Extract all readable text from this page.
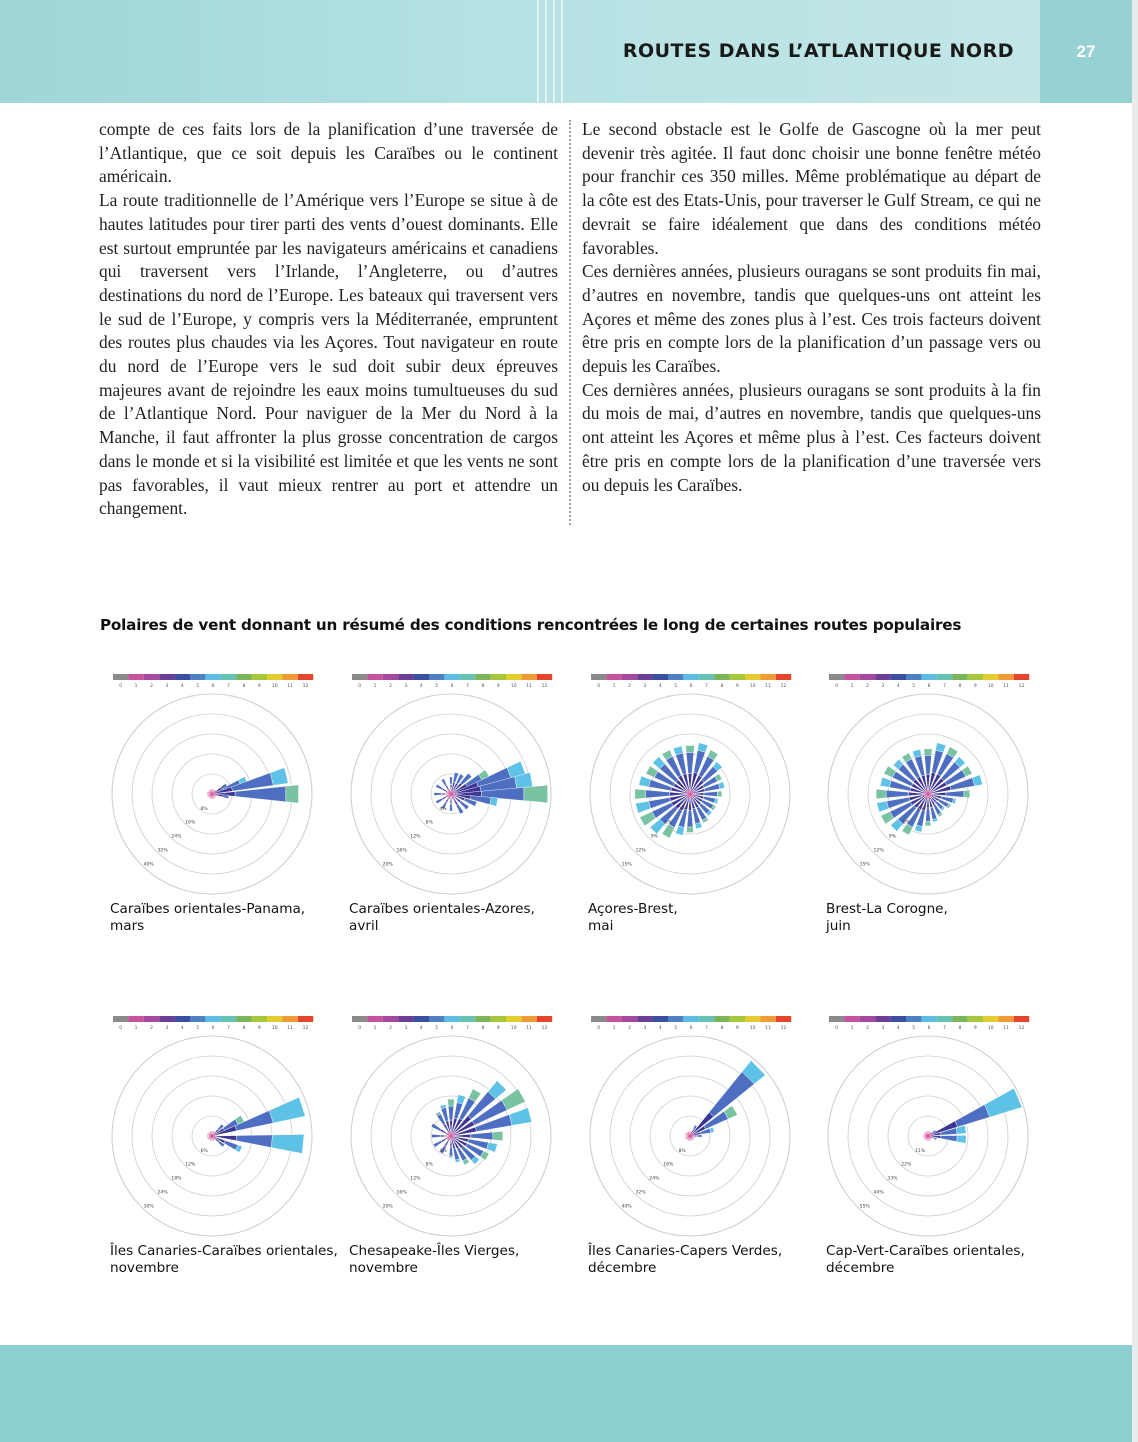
ROUTES DANS L’ATLANTIQUE NORD	27

compte de ces faits lors de la planification d’une traversée de l’Atlantique, que ce soit depuis les Caraïbes ou le continent américain.

La route traditionnelle de l’Amérique vers l’Europe se situe à de hautes latitudes pour tirer parti des vents d’ouest dominants. Elle est surtout empruntée par les navigateurs américains et canadiens qui traversent vers l’Irlande, l’Angleterre, ou d’autres destinations du nord de l’Europe. Les bateaux qui traversent vers le sud de l’Europe, y compris vers la Méditerranée, empruntent des routes plus chaudes via les Açores. Tout navigateur en route du nord de l’Europe vers le sud doit subir deux épreuves majeures avant de rejoindre les eaux moins tumultueuses du sud de l’Atlantique Nord. Pour naviguer de la Mer du Nord à la Manche, il faut affronter la plus grosse concentration de cargos dans le monde et si la visibilité est limitée et que les vents ne sont pas favorables, il vaut mieux rentrer au port et attendre un changement.

Le second obstacle est le Golfe de Gascogne où la mer peut devenir très agitée. Il faut donc choisir une bonne fenêtre météo pour franchir ces 350 milles. Même problématique au départ de la côte est des Etats-Unis, pour traverser le Gulf Stream, ce qui ne devrait se faire idéalement que dans des conditions météo favorables.

Ces dernières années, plusieurs ouragans se sont produits fin mai, d’autres en novembre, tandis que quelques-uns ont atteint les Açores et même des zones plus à l’est. Ces trois facteurs doivent être pris en compte lors de la planification d’un passage vers ou depuis les Caraïbes.

Ces dernières années, plusieurs ouragans se sont produits à la fin du mois de mai, d’autres en novembre, tandis que quelques-uns ont atteint les Açores et même plus à l’est. Ces facteurs doivent être pris en compte lors de la planification d’une traversée vers ou depuis les Caraïbes.

Polaires de vent donnant un résumé des conditions rencontrées le long de certaines routes populaires
0	1	2	3	4	5	6	7	8	9 10 11 12
8%
16%
24%
32%
40%
Caraïbes orientales-Panama,
mars
0	1	2	3	4	5	6	7	8	9 10 11 12
4%
8%
12%
16%
20%
Caraïbes orientales-Azores,
avril
0	1	2	3	4	5	6	7	8	9 10 11 12
3%
6%
9%
12%
15%
Açores-Brest,
mai
0	1	2	3	4	5	6	7	8	9 10 11 12
3%
6%
9%
12%
15%
Brest-La Corogne,
juin
0	1	2	3	4	5	6	7	8	9 10 11 12
6%
12%
18%
24%
30%
Îles Canaries-Caraïbes orientales,
novembre
0	1	2	3	4	5	6	7	8	9 10 11 12
4%
8%
12%
16%
20%
Chesapeake-Îles Vierges,
novembre
0	1	2	3	4	5	6	7	8	9 10 11 12
8%
16%
24%
32%
40%
Îles Canaries-Capers Verdes,
décembre
0	1	2	3	4	5	6	7	8	9 10 11 12
11%
22%
33%
44%
55%
Cap-Vert-Caraïbes orientales,
décembre
